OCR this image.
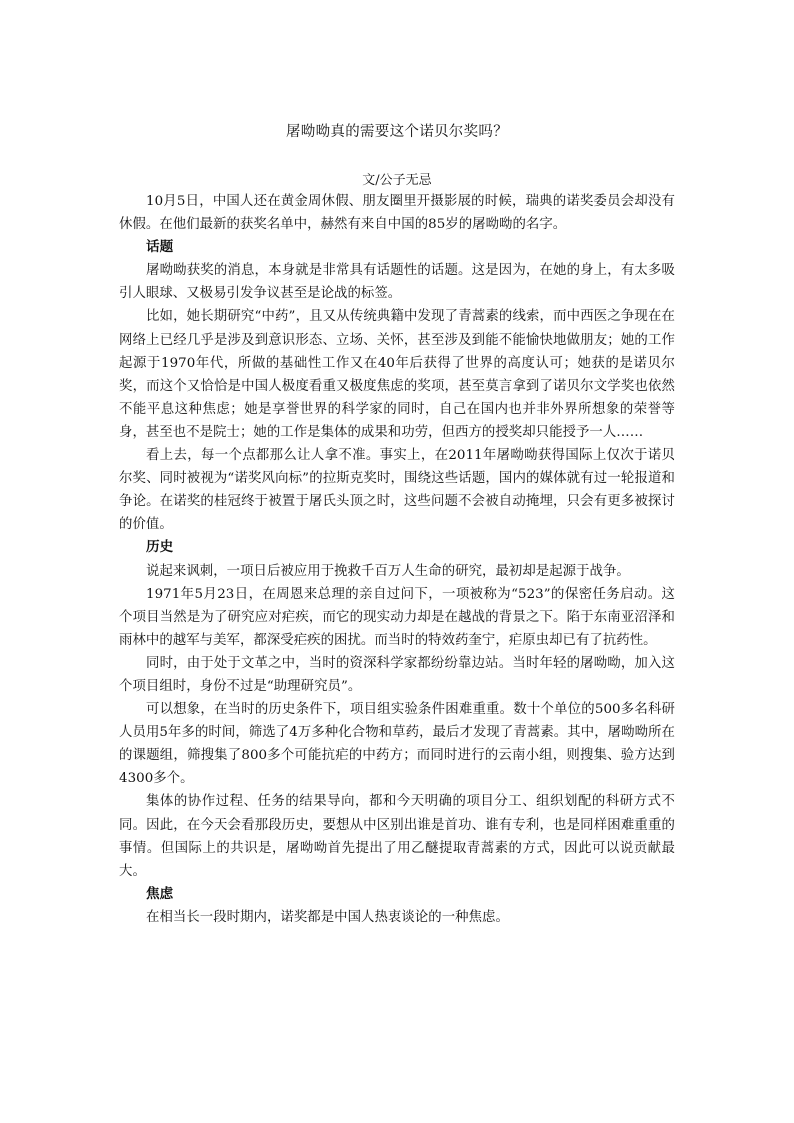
屠呦呦真的需要这个诺贝尔奖吗？

文/公子无忌

10月5日，中国人还在黄金周休假、朋友圈里开摄影展的时候，瑞典的诺奖委员会却没有休假。在他们最新的获奖名单中，赫然有来自中国的85岁的屠呦呦的名字。

话题

屠呦呦获奖的消息，本身就是非常具有话题性的话题。这是因为，在她的身上，有太多吸引人眼球、又极易引发争议甚至是论战的标签。

比如，她长期研究“中药”，且又从传统典籍中发现了青蒿素的线索，而中西医之争现在在网络上已经几乎是涉及到意识形态、立场、关怀，甚至涉及到能不能愉快地做朋友；她的工作起源于1970年代，所做的基础性工作又在40年后获得了世界的高度认可；她获的是诺贝尔奖，而这个又恰恰是中国人极度看重又极度焦虑的奖项，甚至莫言拿到了诺贝尔文学奖也依然不能平息这种焦虑；她是享誉世界的科学家的同时，自己在国内也并非外界所想象的荣誉等身，甚至也不是院士；她的工作是集体的成果和功劳，但西方的授奖却只能授予一人……

看上去，每一个点都那么让人拿不准。事实上，在2011年屠呦呦获得国际上仅次于诺贝尔奖、同时被视为“诺奖风向标”的拉斯克奖时，围绕这些话题，国内的媒体就有过一轮报道和争论。在诺奖的桂冠终于被置于屠氏头顶之时，这些问题不会被自动掩埋，只会有更多被探讨的价值。

历史

说起来讽刺，一项日后被应用于挽救千百万人生命的研究，最初却是起源于战争。

1971年5月23日，在周恩来总理的亲自过问下，一项被称为“523”的保密任务启动。这个项目当然是为了研究应对疟疾，而它的现实动力却是在越战的背景之下。陷于东南亚沼泽和雨林中的越军与美军，都深受疟疾的困扰。而当时的特效药奎宁，疟原虫却已有了抗药性。

同时，由于处于文革之中，当时的资深科学家都纷纷靠边站。当时年轻的屠呦呦，加入这个项目组时，身份不过是“助理研究员”。

可以想象，在当时的历史条件下，项目组实验条件困难重重。数十个单位的500多名科研人员用5年多的时间，筛选了4万多种化合物和草药，最后才发现了青蒿素。其中，屠呦呦所在的课题组，筛搜集了800多个可能抗疟的中药方；而同时进行的云南小组，则搜集、验方达到4300多个。

集体的协作过程、任务的结果导向，都和今天明确的项目分工、组织划配的科研方式不同。因此，在今天会看那段历史，要想从中区别出谁是首功、谁有专利，也是同样困难重重的事情。但国际上的共识是，屠呦呦首先提出了用乙醚提取青蒿素的方式，因此可以说贡献最大。

焦虑

在相当长一段时期内，诺奖都是中国人热衷谈论的一种焦虑。
